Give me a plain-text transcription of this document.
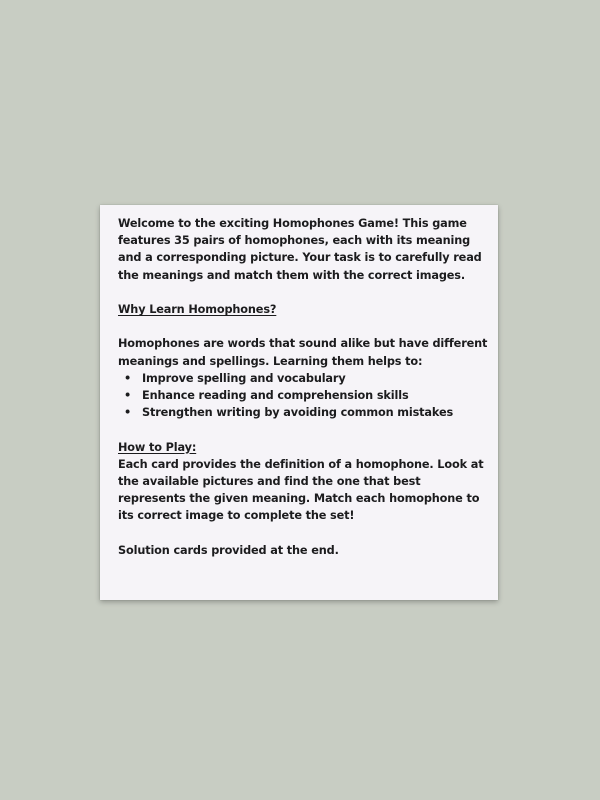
Welcome to the exciting Homophones Game! This game features 35 pairs of homophones, each with its meaning and a corresponding picture. Your task is to carefully read the meanings and match them with the correct images.

Why Learn Homophones?

Homophones are words that sound alike but have different meanings and spellings. Learning them helps to:

• Improve spelling and vocabulary
• Enhance reading and comprehension skills
• Strengthen writing by avoiding common mistakes

How to Play:

Each card provides the definition of a homophone. Look at the available pictures and find the one that best represents the given meaning. Match each homophone to its correct image to complete the set!

Solution cards provided at the end.
